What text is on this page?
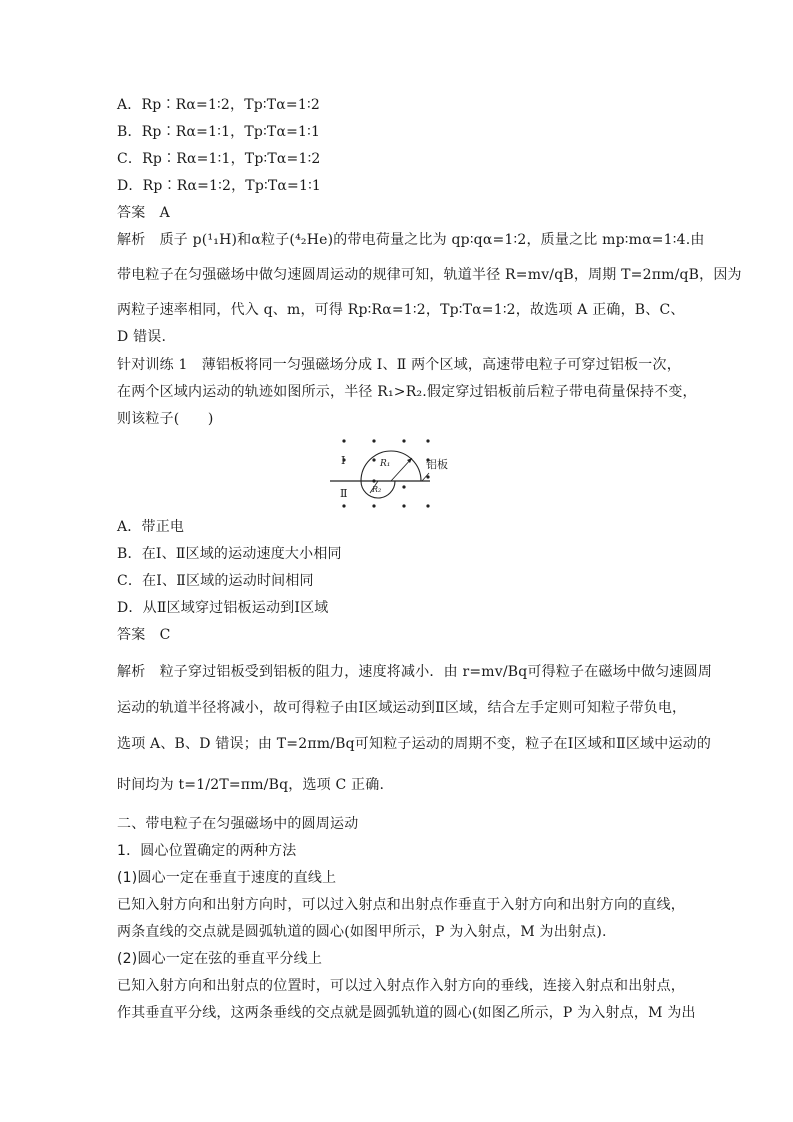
A．Rp∶Rα=1∶2，Tp∶Tα=1∶2
B．Rp∶Rα=1∶1，Tp∶Tα=1∶1
C．Rp∶Rα=1∶1，Tp∶Tα=1∶2
D．Rp∶Rα=1∶2，Tp∶Tα=1∶1
答案　A
解析　质子 p(¹₁H)和α粒子(⁴₂He)的带电荷量之比为 qp∶qα=1∶2，质量之比 mp∶mα=1∶4.由
带电粒子在匀强磁场中做匀速圆周运动的规律可知，轨道半径 R=mv/qB，周期 T=2πm/qB，因为
两粒子速率相同，代入 q、m，可得 Rp∶Rα=1∶2，Tp∶Tα=1∶2，故选项 A 正确，B、C、
D 错误.
针对训练 1　薄铝板将同一匀强磁场分成 Ⅰ、Ⅱ 两个区域，高速带电粒子可穿过铝板一次，
在两个区域内运动的轨迹如图所示，半径 R₁>R₂.假定穿过铝板前后粒子带电荷量保持不变，
则该粒子(　　)
Ⅰ
Ⅱ
R₁
R₂
铝板
A．带正电
B．在Ⅰ、Ⅱ区域的运动速度大小相同
C．在Ⅰ、Ⅱ区域的运动时间相同
D．从Ⅱ区域穿过铝板运动到Ⅰ区域
答案　C
解析　粒子穿过铝板受到铝板的阻力，速度将减小．由 r=mv/Bq可得粒子在磁场中做匀速圆周
运动的轨道半径将减小，故可得粒子由Ⅰ区域运动到Ⅱ区域，结合左手定则可知粒子带负电，
选项 A、B、D 错误；由 T=2πm/Bq可知粒子运动的周期不变，粒子在Ⅰ区域和Ⅱ区域中运动的
时间均为 t=1/2T=πm/Bq，选项 C 正确.
二、带电粒子在匀强磁场中的圆周运动
1．圆心位置确定的两种方法
(1)圆心一定在垂直于速度的直线上
已知入射方向和出射方向时，可以过入射点和出射点作垂直于入射方向和出射方向的直线，
两条直线的交点就是圆弧轨道的圆心(如图甲所示，P 为入射点，M 为出射点).
(2)圆心一定在弦的垂直平分线上
已知入射方向和出射点的位置时，可以过入射点作入射方向的垂线，连接入射点和出射点，
作其垂直平分线，这两条垂线的交点就是圆弧轨道的圆心(如图乙所示，P 为入射点，M 为出
